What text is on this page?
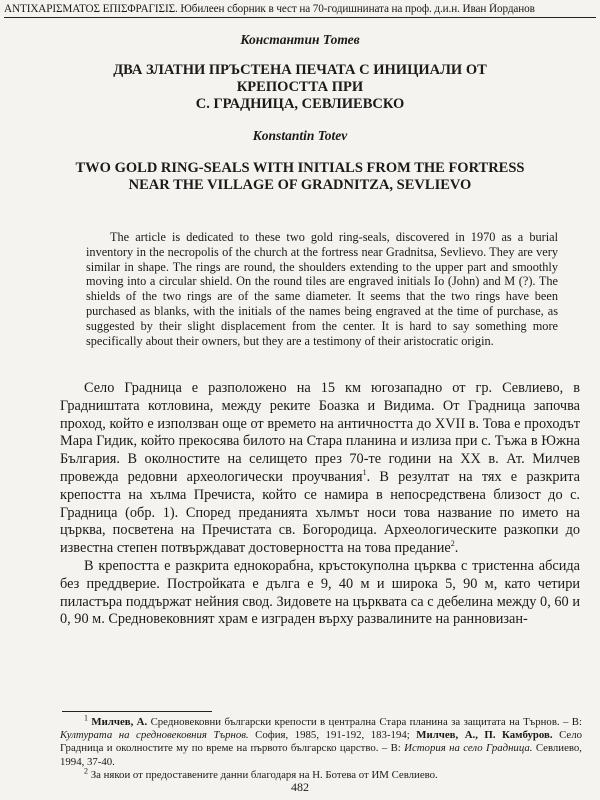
ANTIXAPIΣMATOΣ ΕΠΙΣΦΡΑΓΙΣΙΣ. Юбилеен сборник в чест на 70-годишнината на проф. д.и.н. Иван Йорданов
Константин Тотев
ДВА ЗЛАТНИ ПРЪСТЕНА ПЕЧАТА С ИНИЦИАЛИ ОТ
КРЕПОСТТА ПРИ
С. ГРАДНИЦА, СЕВЛИЕВСКО
Konstantin Totev
TWO GOLD RING-SEALS WITH INITIALS FROM THE FORTRESS
NEAR THE VILLAGE OF GRADNITZA, SEVLIEVO
The article is dedicated to these two gold ring-seals, discovered in 1970 as a burial inventory in the necropolis of the church at the fortress near Gradnitsa, Sevlievo. They are very similar in shape. The rings are round, the shoulders extending to the upper part and smoothly moving into a circular shield. On the round tiles are engraved initials Io (John) and M (?). The shields of the two rings are of the same diameter. It seems that the two rings have been purchased as blanks, with the initials of the names being engraved at the time of purchase, as suggested by their slight displacement from the center. It is hard to say something more specifically about their owners, but they are a testimony of their aristocratic origin.

Село Градница е разположено на 15 км югозападно от гр. Севлиево, в Градништата котловина, между реките Боазка и Видима. От Градница започва проход, който е използван още от времето на античността до XVII в. Това е проходът Мара Гидик, който прекосява билото на Стара планина и излиза при с. Тъжа в Южна България. В околностите на селището през 70-те години на XX в. Ат. Милчев провежда редовни археологически проучвания$^1$. В резултат на тях е разкрита крепостта на хълма Пречиста, който се намира в непосредствена близост до с. Градница (обр. 1). Според преданията хълмът носи това название по името на църква, посветена на Пречистата св. Богородица. Археологическите разкопки до известна степен потвърждават достоверността на това предание$^2$.

В крепостта е разкрита еднокорабна, кръстокуполна църква с тристенна абсида без преддверие. Постройката е дълга е 9, 40 м и широка 5, 90 м, като четири пиластъра поддържат нейния свод. Зидовете на църквата са с дебелина между 0, 60 и 0, 90 м. Средновековният храм е изграден върху развалините на ранновизан-

$^1$ Милчев, А. Средновековни български крепости в централна Стара планина за защитата на Търнов. – В: Културата на средновековния Търнов. София, 1985, 191-192, 183-194; Милчев, А., П. Камбуров. Село Градница и околностите му по време на първото българско царство. – В: История на село Градница. Севлиево, 1994, 37-40.

$^2$ За някои от предоставените данни благодаря на Н. Ботева от ИМ Севлиево.

482
